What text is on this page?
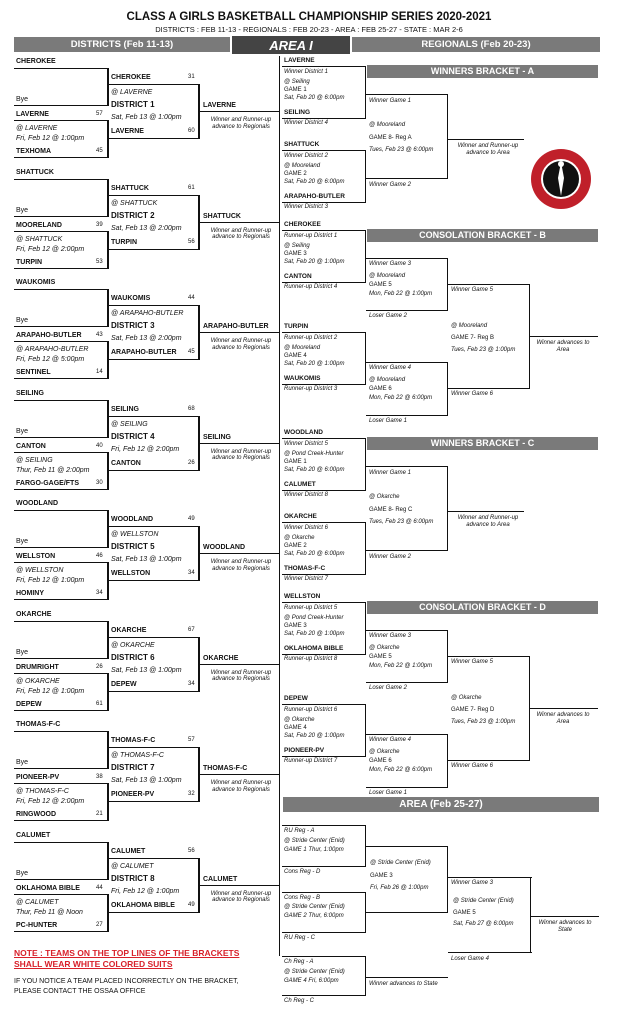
CLASS A GIRLS BASKETBALL CHAMPIONSHIP SERIES 2020-2021
DISTRICTS : FEB 11-13 - REGIONALS : FEB 20-23 - AREA : FEB 25-27 - STATE : MAR 2-6
DISTRICTS (Feb 11-13)	AREA I	REGIONALS (Feb 20-23)
CHEROKEE
Bye
LAVERNE	57
@ LAVERNE
Fri, Feb 12 @ 1:00pm
TEXHOMA	45
CHEROKEE	31
@ LAVERNE
DISTRICT 1
Sat, Feb 13 @ 1:00pm
LAVERNE	60
LAVERNE
Winner and Runner-up advance to Regionals
SHATTUCK
Bye
MOORELAND	39
@ SHATTUCK
Fri, Feb 12 @ 2:00pm
TURPIN	53
SHATTUCK	61
@ SHATTUCK
DISTRICT 2
Sat, Feb 13 @ 2:00pm
TURPIN	56
SHATTUCK
Winner and Runner-up advance to Regionals
WAUKOMIS
Bye
ARAPAHO-BUTLER 43
@ ARAPAHO-BUTLER
Fri, Feb 12 @ 5:00pm
SENTINEL	14
WAUKOMIS	44
@ ARAPAHO-BUTLER
DISTRICT 3
Sat, Feb 13 @ 2:00pm
ARAPAHO-BUTLER 45
ARAPAHO-BUTLER
Winner and Runner-up advance to Regionals
SEILING
Bye
CANTON	40
@ SEILING
Thur, Feb 11 @ 2:00pm
FARGO-GAGE/FTS	30
SEILING	68
@ SEILING
DISTRICT 4
Fri, Feb 12 @ 2:00pm
CANTON	26
SEILING
Winner and Runner-up advance to Regionals
WOODLAND
Bye
WELLSTON	46
@ WELLSTON
Fri, Feb 12 @ 1:00pm
HOMINY	34
WOODLAND	49
@ WELLSTON
DISTRICT 5
Sat, Feb 13 @ 1:00pm
WELLSTON	34
WOODLAND
Winner and Runner-up advance to Regionals
OKARCHE
Bye
DRUMRIGHT	26
@ OKARCHE
Fri, Feb 12 @ 1:00pm
DEPEW	61
OKARCHE	67
@ OKARCHE
DISTRICT 6
Sat, Feb 13 @ 1:00pm
DEPEW	34
OKARCHE
Winner and Runner-up advance to Regionals
THOMAS-F-C
Bye
PIONEER-PV	38
@ THOMAS-F-C
Fri, Feb 12 @ 2:00pm
RINGWOOD	21
THOMAS-F-C	57
@ THOMAS-F-C
DISTRICT 7
Sat, Feb 13 @ 1:00pm
PIONEER-PV	32
THOMAS-F-C
Winner and Runner-up advance to Regionals
CALUMET
Bye
OKLAHOMA BIBLE	44
@ CALUMET
Thur, Feb 11 @ Noon
PC-HUNTER	27
CALUMET	56
@ CALUMET
DISTRICT 8
Fri, Feb 12 @ 1:00pm
OKLAHOMA BIBLE 49
CALUMET
Winner and Runner-up advance to Regionals
WINNERS BRACKET - A
LAVERNE
Winner District 1
@ Seiling
GAME 1
Sat, Feb 20 @ 6:00pm
SEILING
Winner District 4
SHATTUCK
Winner District 2
@ Mooreland
GAME 2
Sat, Feb 20 @ 6:00pm
ARAPAHO-BUTLER
Winner District 3
Winner Game 1
Winner Game 2
@ Mooreland
GAME 8- Reg A
Tues, Feb 23 @ 6:00pm
Winner and Runner-up advance to Area
CONSOLATION BRACKET - B
CHEROKEE
Runner-up District 1
@ Seiling
GAME 3
Sat, Feb 20 @ 1:00pm
CANTON
Runner-up District 4
TURPIN
Runner-up District 2
@ Mooreland
GAME 4
Sat, Feb 20 @ 1:00pm
WAUKOMIS
Runner-up District 3
Winner Game 3
@ Mooreland
GAME 5
Mon, Feb 22 @ 1:00pm
Loser Game 2
Winner Game 4
@ Mooreland
GAME 6
Mon, Feb 22 @ 6:00pm
Loser Game 1
Winner Game 5
@ Mooreland
GAME 7- Reg B
Tues, Feb 23 @ 1:00pm
Winner Game 6
Winner advances to Area
WINNERS BRACKET - C
WOODLAND
Winner District 5
@ Pond Creek-Hunter
GAME 1
Sat, Feb 20 @ 6:00pm
CALUMET
Winner District 8
OKARCHE
Winner District 6
@ Okarche
GAME 2
Sat, Feb 20 @ 6:00pm
THOMAS-F-C
Winner District 7
Winner Game 1
Winner Game 2
@ Okarche
GAME 8- Reg C
Tues, Feb 23 @ 6:00pm
Winner and Runner-up advance to Area
CONSOLATION BRACKET - D
WELLSTON
Runner-up District 5
@ Pond Creek-Hunter
GAME 3
Sat, Feb 20 @ 1:00pm
OKLAHOMA BIBLE
Runner-up District 8
DEPEW
Runner-up District 6
@ Okarche
GAME 4
Sat, Feb 20 @ 1:00pm
PIONEER-PV
Runner-up District 7
Winner Game 3
@ Okarche
GAME 5
Mon, Feb 22 @ 1:00pm
Loser Game 2
Winner Game 4
@ Okarche
GAME 6
Mon, Feb 22 @ 6:00pm
Loser Game 1
Winner Game 5
@ Okarche
GAME 7- Reg D
Tues, Feb 23 @ 1:00pm
Winner Game 6
Winner advances to Area
AREA (Feb 25-27)
RU Reg - A
@ Stride Center (Enid)
GAME 1 Thur, 1:00pm
Cons Reg - D
Cons Reg - B
@ Stride Center (Enid)
GAME 2 Thur, 6:00pm
RU Reg - C
@ Stride Center (Enid)
GAME 3
Fri, Feb 26 @ 1:00pm
Winner Game 3
@ Stride Center (Enid)
GAME 5
Sat, Feb 27 @ 6:00pm
Loser Game 4
Winner advances to State
Ch Reg - A
@ Stride Center (Enid)
GAME 4 Fri, 6:00pm
Ch Reg - C
Winner advances to State
NOTE : TEAMS ON THE TOP LINES OF THE BRACKETS
SHALL WEAR WHITE COLORED SUITS
IF YOU NOTICE A TEAM PLACED INCORRECTLY ON THE BRACKET,
PLEASE CONTACT THE OSSAA OFFICE
